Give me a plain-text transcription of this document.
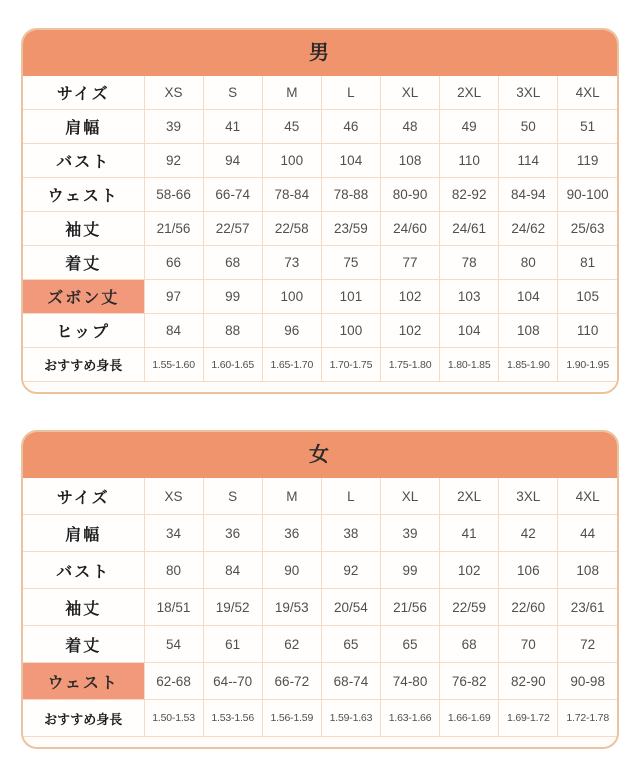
男
サイズ	XS	S	M	L	XL	2XL	3XL	4XL
肩幅	39	41	45	46	48	49	50	51
バスト	92	94	100	104	108	110	114	119
ウェスト	58-66	66-74	78-84	78-88	80-90	82-92	84-94	90-100
袖丈	21/56	22/57	22/58	23/59	24/60	24/61	24/62	25/63
着丈	66	68	73	75	77	78	80	81
ズボン丈	97	99	100	101	102	103	104	105
ヒップ	84	88	96	100	102	104	108	110
おすすめ身長	1.55-1.60	1.60-1.65	1.65-1.70	1.70-1.75	1.75-1.80	1.80-1.85	1.85-1.90	1.90-1.95
女
サイズ	XS	S	M	L	XL	2XL	3XL	4XL
肩幅	34	36	36	38	39	41	42	44
バスト	80	84	90	92	99	102	106	108
袖丈	18/51	19/52	19/53	20/54	21/56	22/59	22/60	23/61
着丈	54	61	62	65	65	68	70	72
ウェスト	62-68	64--70	66-72	68-74	74-80	76-82	82-90	90-98
おすすめ身長	1.50-1.53	1.53-1.56	1.56-1.59	1.59-1.63	1.63-1.66	1.66-1.69	1.69-1.72	1.72-1.78
